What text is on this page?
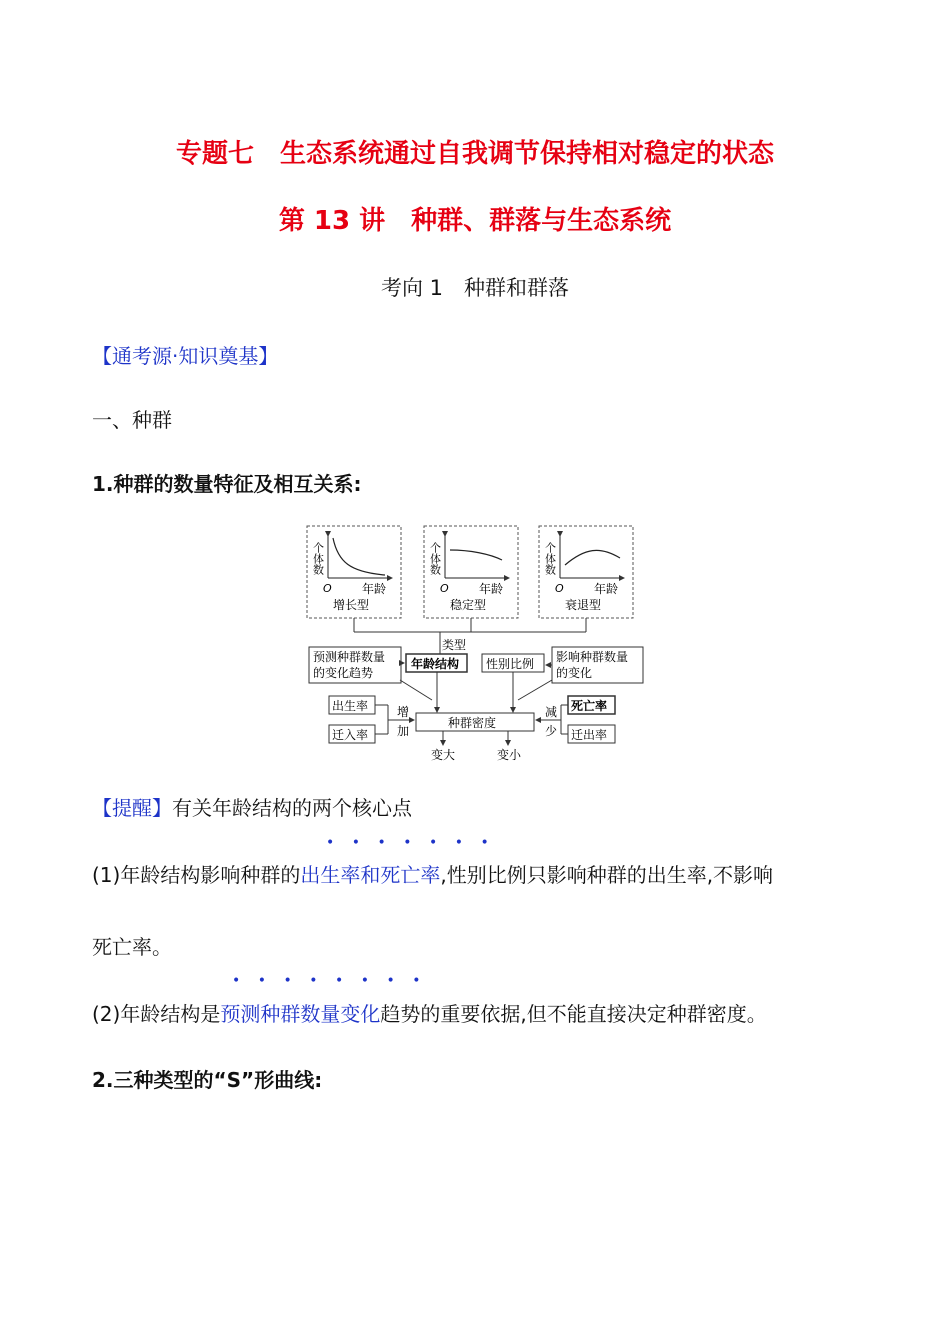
专题七　生态系统通过自我调节保持相对稳定的状态
第 13 讲　种群、群落与生态系统
考向 1　种群和群落
【通考源·知识奠基】
一、种群
1.种群的数量特征及相互关系:
个体数
O	年龄
增长型
个体数
O	年龄
稳定型
个体数
O	年龄
衰退型
类型
预测种群数量
的变化趋势
年龄结构 性别比例 影响种群数量
的变化
出生率
迁入率
增
加
种群密度
死亡率
迁出率
减
少
变大	变小
【提醒】有关年龄结构的两个核心点
•••••••
(1)年龄结构影响种群的出生率和死亡率,性别比例只影响种群的出生率,不影响
死亡率。
••••••••
(2)年龄结构是预测种群数量变化趋势的重要依据,但不能直接决定种群密度。
2.三种类型的“S”形曲线:
